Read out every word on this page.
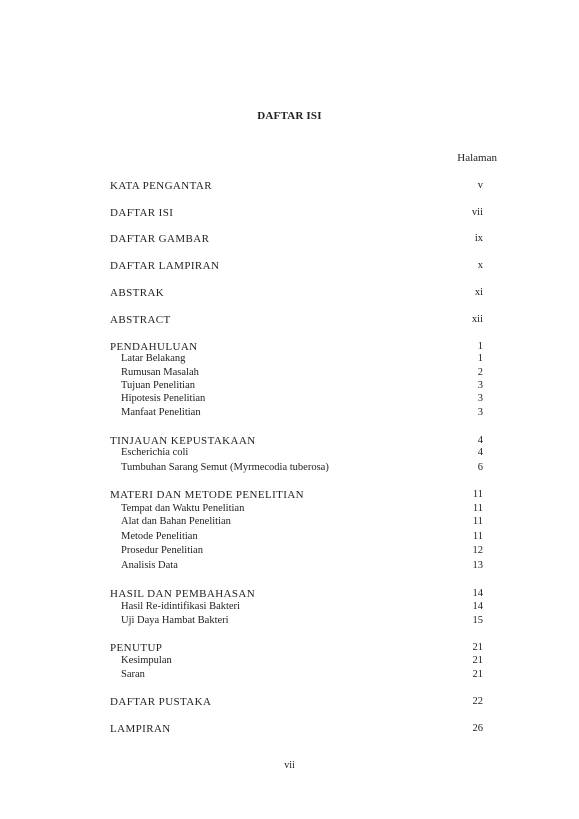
DAFTAR ISI
Halaman
KATA PENGANTAR	v
DAFTAR ISI	vii
DAFTAR GAMBAR	ix
DAFTAR LAMPIRAN	x
ABSTRAK	xi
ABSTRACT	xii
PENDAHULUAN	1
Latar Belakang	1
Rumusan Masalah	2
Tujuan Penelitian	3
Hipotesis Penelitian	3
Manfaat Penelitian	3
TINJAUAN KEPUSTAKAAN	4
Escherichia coli	4
Tumbuhan Sarang Semut (Myrmecodia tuberosa)	6
MATERI DAN METODE PENELITIAN	11
Tempat dan Waktu Penelitian	11
Alat dan Bahan Penelitian	11
Metode Penelitian	11
Prosedur Penelitian	12
Analisis Data	13
HASIL DAN PEMBAHASAN	14
Hasil Re-idintifikasi Bakteri	14
Uji Daya Hambat Bakteri	15
PENUTUP	21
Kesimpulan	21
Saran	21
DAFTAR PUSTAKA	22
LAMPIRAN	26
vii
